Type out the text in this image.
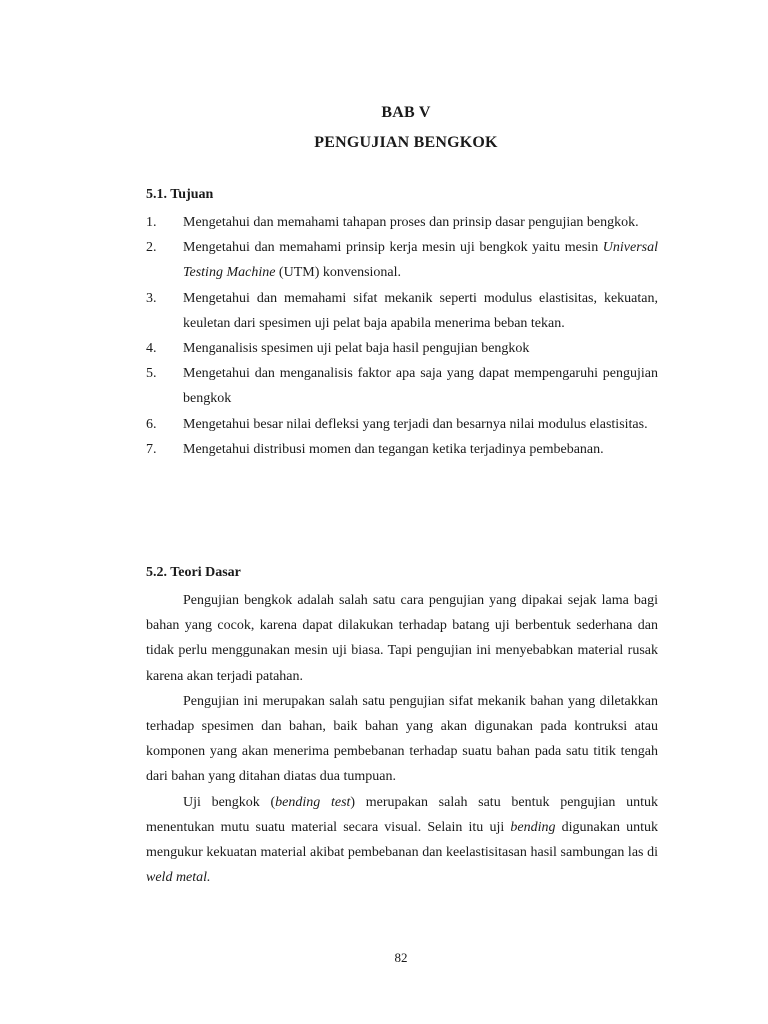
BAB V
PENGUJIAN BENGKOK
5.1. Tujuan
1. Mengetahui dan memahami tahapan proses dan prinsip dasar pengujian bengkok.
2. Mengetahui dan memahami prinsip kerja mesin uji bengkok yaitu mesin Universal Testing Machine (UTM) konvensional.
3. Mengetahui dan memahami sifat mekanik seperti modulus elastisitas, kekuatan, keuletan dari spesimen uji pelat baja apabila menerima beban tekan.
4. Menganalisis spesimen uji pelat baja hasil pengujian bengkok
5. Mengetahui dan menganalisis faktor apa saja yang dapat mempengaruhi pengujian bengkok
6. Mengetahui besar nilai defleksi yang terjadi dan besarnya nilai modulus elastisitas.
7. Mengetahui distribusi momen dan tegangan ketika terjadinya pembebanan.
5.2. Teori Dasar

Pengujian bengkok adalah salah satu cara pengujian yang dipakai sejak lama bagi bahan yang cocok, karena dapat dilakukan terhadap batang uji berbentuk sederhana dan tidak perlu menggunakan mesin uji biasa. Tapi pengujian ini menyebabkan material rusak karena akan terjadi patahan.

Pengujian ini merupakan salah satu pengujian sifat mekanik bahan yang diletakkan terhadap spesimen dan bahan, baik bahan yang akan digunakan pada kontruksi atau komponen yang akan menerima pembebanan terhadap suatu bahan pada satu titik tengah dari bahan yang ditahan diatas dua tumpuan.

Uji bengkok (bending test) merupakan salah satu bentuk pengujian untuk menentukan mutu suatu material secara visual. Selain itu uji bending digunakan untuk mengukur kekuatan material akibat pembebanan dan keelastisitasan hasil sambungan las di weld metal.

82
